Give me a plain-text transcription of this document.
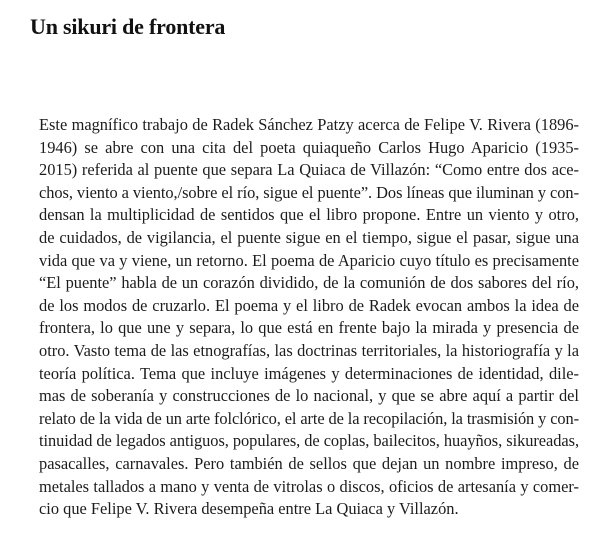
Un sikuri de frontera
Este magnífico trabajo de Radek Sánchez Patzy acerca de Felipe V. Rivera (1896-
1946) se abre con una cita del poeta quiaqueño Carlos Hugo Aparicio (1935-
2015) referida al puente que separa La Quiaca de Villazón: “Como entre dos ace-
chos, viento a viento,/sobre el río, sigue el puente”. Dos líneas que iluminan y con-
densan la multiplicidad de sentidos que el libro propone. Entre un viento y otro,
de cuidados, de vigilancia, el puente sigue en el tiempo, sigue el pasar, sigue una
vida que va y viene, un retorno. El poema de Aparicio cuyo título es precisamente
“El puente” habla de un corazón dividido, de la comunión de dos sabores del río,
de los modos de cruzarlo. El poema y el libro de Radek evocan ambos la idea de
frontera, lo que une y separa, lo que está en frente bajo la mirada y presencia de
otro. Vasto tema de las etnografías, las doctrinas territoriales, la historiografía y la
teoría política. Tema que incluye imágenes y determinaciones de identidad, dile-
mas de soberanía y construcciones de lo nacional, y que se abre aquí a partir del
relato de la vida de un arte folclórico, el arte de la recopilación, la trasmisión y con-
tinuidad de legados antiguos, populares, de coplas, bailecitos, huayños, sikureadas,
pasacalles, carnavales. Pero también de sellos que dejan un nombre impreso, de
metales tallados a mano y venta de vitrolas o discos, oficios de artesanía y comer-
cio que Felipe V. Rivera desempeña entre La Quiaca y Villazón.
